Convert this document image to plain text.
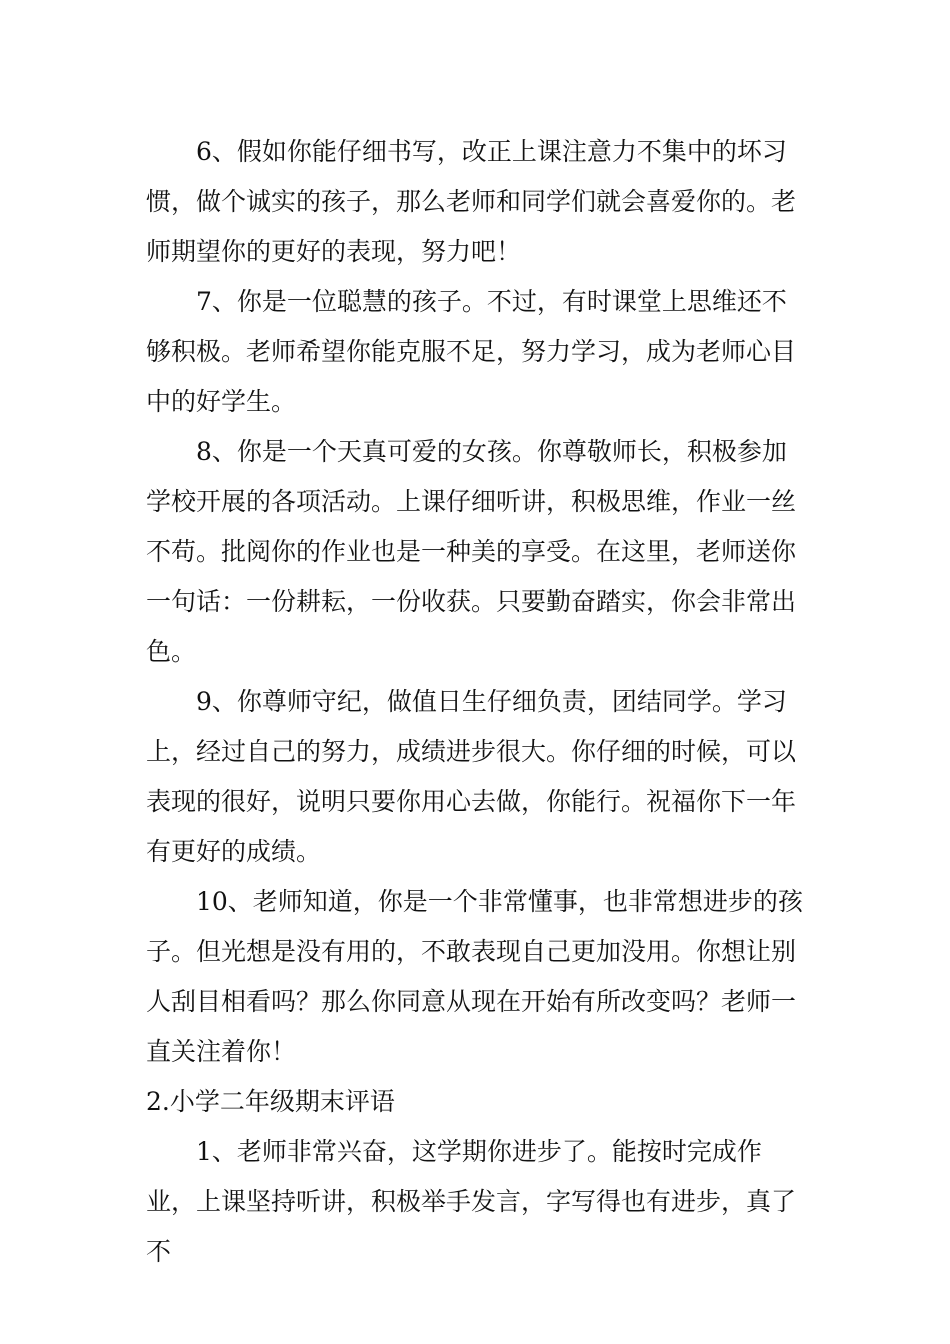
6、假如你能仔细书写，改正上课注意力不集中的坏习惯，做个诚实的孩子，那么老师和同学们就会喜爱你的。老师期望你的更好的表现，努力吧！

7、你是一位聪慧的孩子。不过，有时课堂上思维还不够积极。老师希望你能克服不足，努力学习，成为老师心目中的好学生。

8、你是一个天真可爱的女孩。你尊敬师长，积极参加学校开展的各项活动。上课仔细听讲，积极思维，作业一丝不苟。批阅你的作业也是一种美的享受。在这里，老师送你一句话：一份耕耘，一份收获。只要勤奋踏实，你会非常出色。

9、你尊师守纪，做值日生仔细负责，团结同学。学习上，经过自己的努力，成绩进步很大。你仔细的时候，可以表现的很好，说明只要你用心去做，你能行。祝福你下一年有更好的成绩。

10、老师知道，你是一个非常懂事，也非常想进步的孩子。但光想是没有用的，不敢表现自己更加没用。你想让别人刮目相看吗？那么你同意从现在开始有所改变吗？老师一直关注着你！

2.小学二年级期末评语

1、老师非常兴奋，这学期你进步了。能按时完成作业，上课坚持听讲，积极举手发言，字写得也有进步，真了不
